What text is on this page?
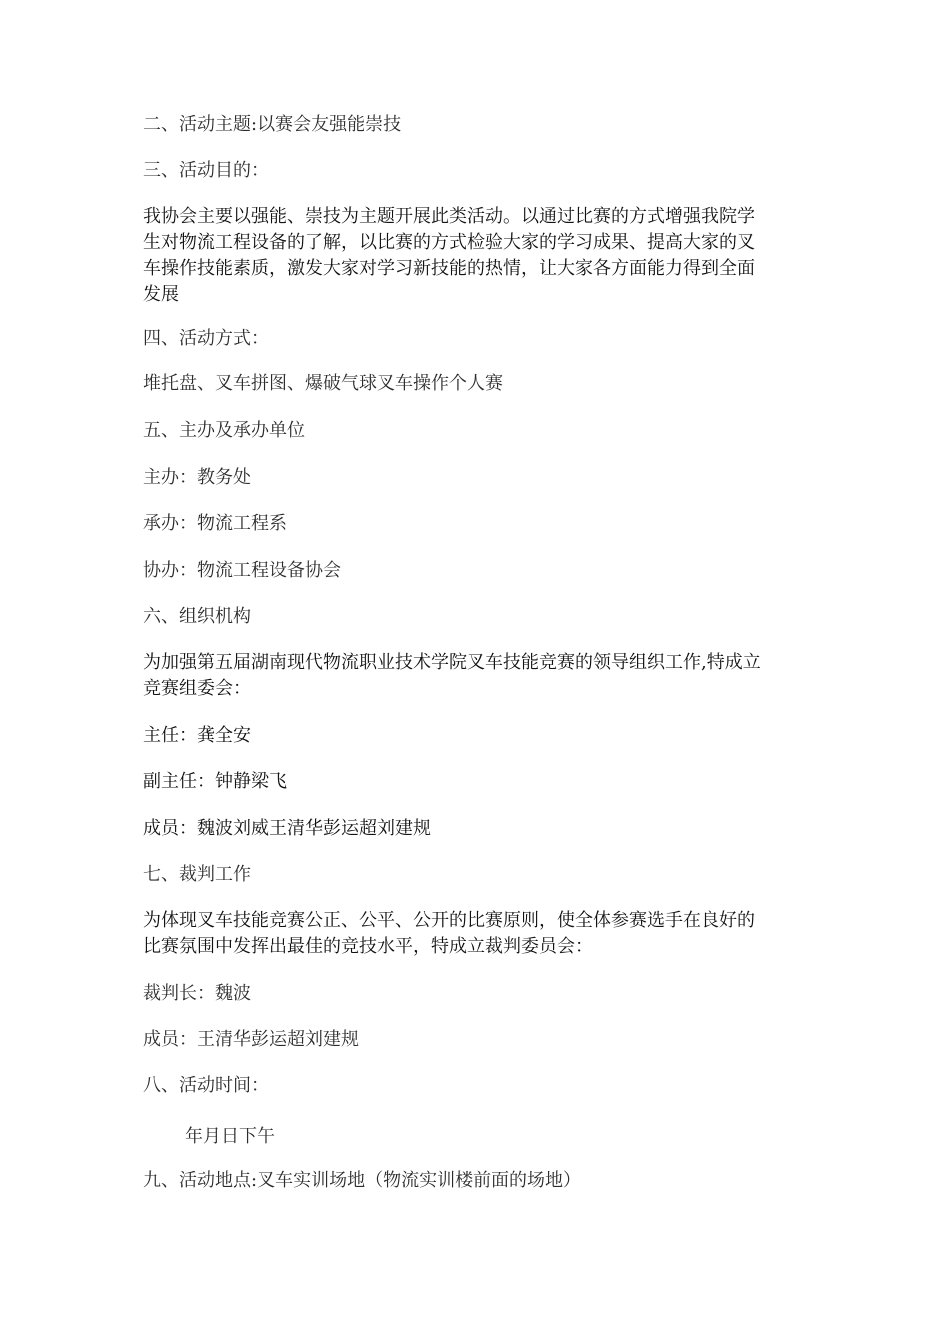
二、活动主题:以赛会友强能崇技

三、活动目的：

我协会主要以强能、崇技为主题开展此类活动。以通过比赛的方式增强我院学
生对物流工程设备的了解，以比赛的方式检验大家的学习成果、提高大家的叉
车操作技能素质，激发大家对学习新技能的热情，让大家各方面能力得到全面
发展

四、活动方式：

堆托盘、叉车拼图、爆破气球叉车操作个人赛

五、主办及承办单位

主办：教务处

承办：物流工程系

协办：物流工程设备协会

六、组织机构

为加强第五届湖南现代物流职业技术学院叉车技能竞赛的领导组织工作,特成立
竞赛组委会：

主任：龚全安

副主任：钟静梁飞

成员：魏波刘威王清华彭运超刘建规

七、裁判工作

为体现叉车技能竞赛公正、公平、公开的比赛原则，使全体参赛选手在良好的
比赛氛围中发挥出最佳的竞技水平，特成立裁判委员会：

裁判长：魏波

成员：王清华彭运超刘建规

八、活动时间：

年月日下午

九、活动地点:叉车实训场地（物流实训楼前面的场地）
